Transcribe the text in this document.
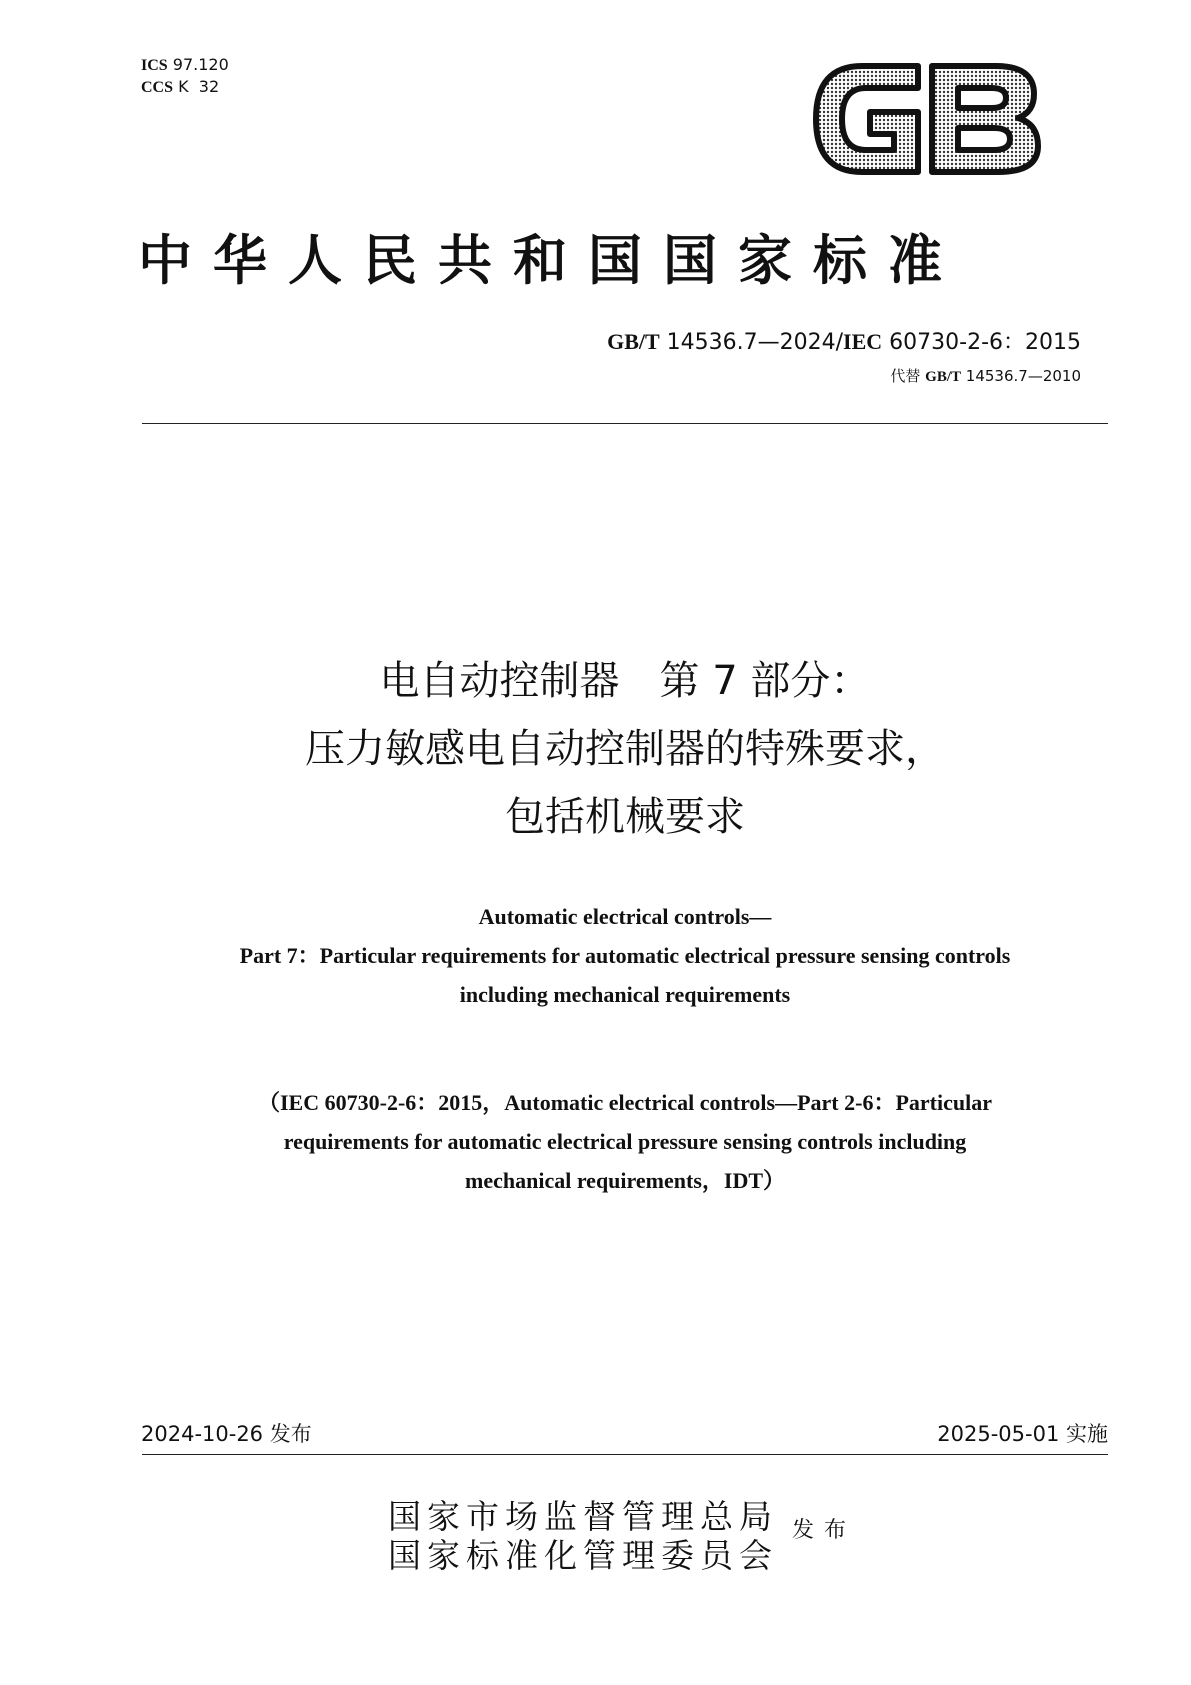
ICS 97.120
CCS K  32
中华人民共和国国家标准
GB/T 14536.7—2024/IEC 60730-2-6：2015
代替 GB/T 14536.7—2010
电自动控制器　第 7 部分：
压力敏感电自动控制器的特殊要求，
包括机械要求
Automatic electrical controls—
Part 7：Particular requirements for automatic electrical pressure sensing controls
including mechanical requirements
（IEC 60730-2-6：2015，Automatic electrical controls—Part 2-6：Particular
requirements for automatic electrical pressure sensing controls including
mechanical requirements，IDT）
2024-10-26 发布	2025-05-01 实施
国家市场监督管理总局
国家标准化管理委员会
发布
